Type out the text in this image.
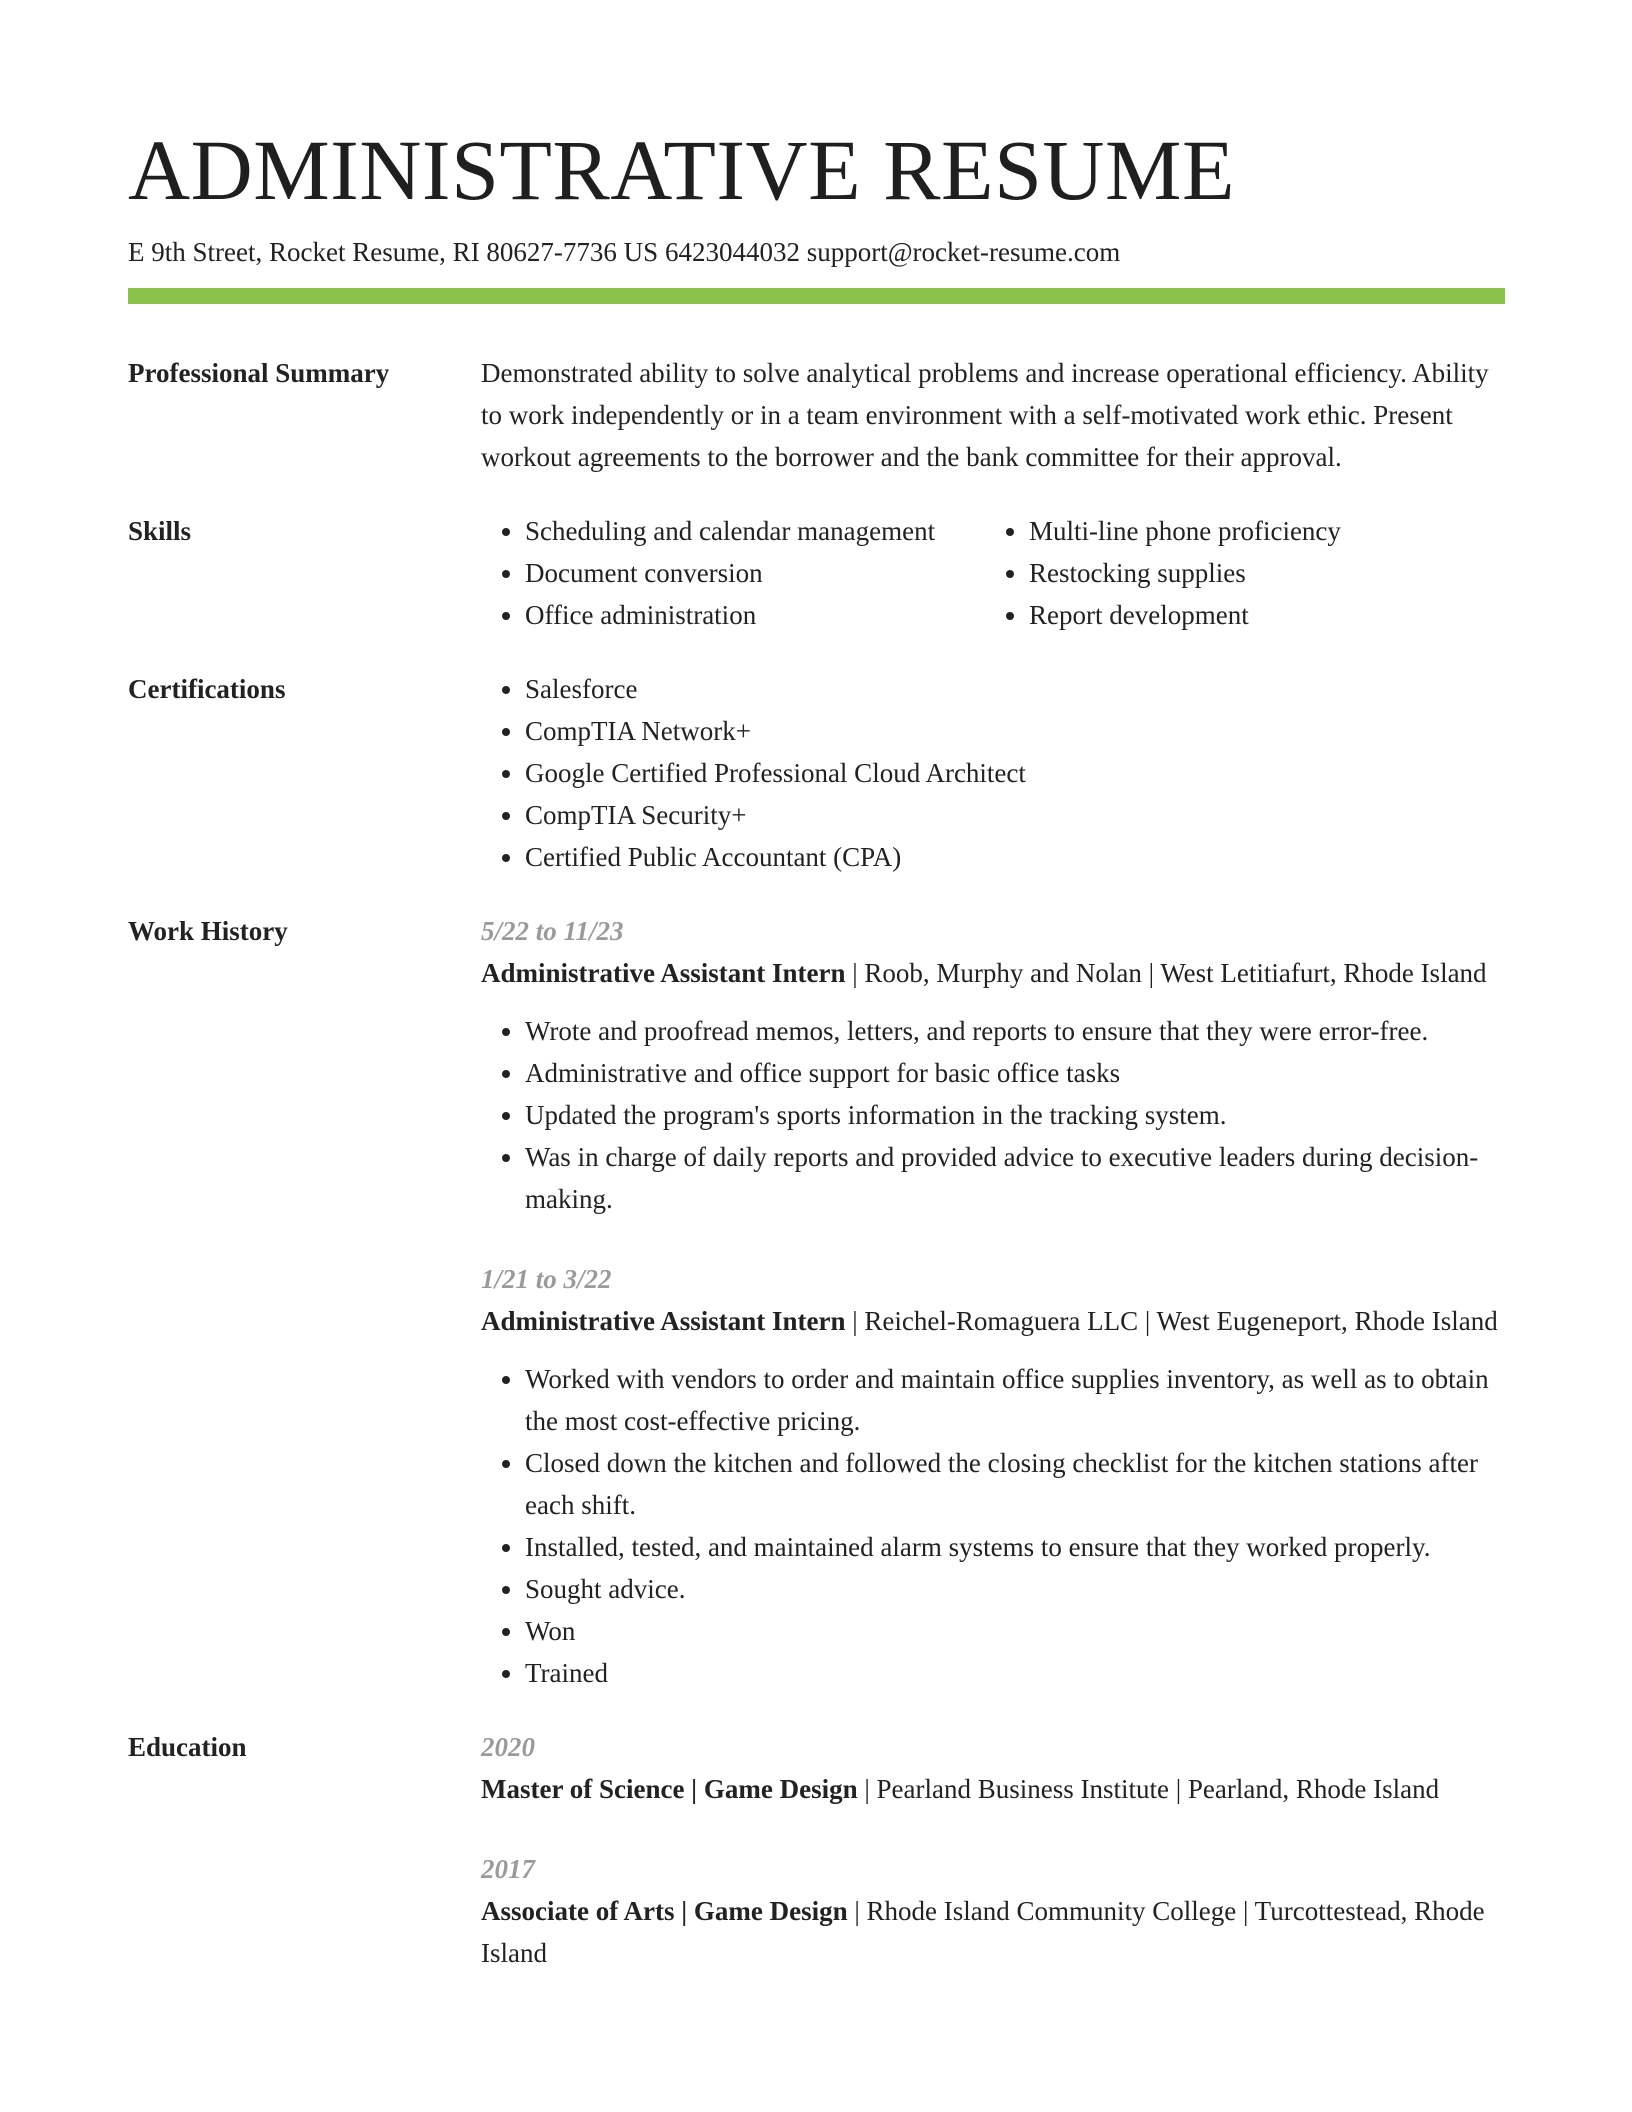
ADMINISTRATIVE RESUME
E 9th Street, Rocket Resume, RI 80627-7736 US 6423044032 support@rocket-resume.com
Professional Summary	Demonstrated ability to solve analytical problems and increase operational efficiency. Ability to work independently or in a team environment with a self-motivated work ethic. Present workout agreements to the borrower and the bank committee for their approval.
Skills	• Scheduling and calendar management
• Document conversion
• Office administration
• Multi-line phone proficiency
• Restocking supplies
• Report development
Certifications	• Salesforce
• CompTIA Network+
• Google Certified Professional Cloud Architect
• CompTIA Security+
• Certified Public Accountant (CPA)
Work History	5/22 to 11/23
Administrative Assistant Intern | Roob, Murphy and Nolan | West Letitiafurt, Rhode Island
• Wrote and proofread memos, letters, and reports to ensure that they were error-free.
• Administrative and office support for basic office tasks
• Updated the program's sports information in the tracking system.
• Was in charge of daily reports and provided advice to executive leaders during decision-making.
1/21 to 3/22
Administrative Assistant Intern | Reichel-Romaguera LLC | West Eugeneport, Rhode Island
• Worked with vendors to order and maintain office supplies inventory, as well as to obtain the most cost-effective pricing.
• Closed down the kitchen and followed the closing checklist for the kitchen stations after each shift.
• Installed, tested, and maintained alarm systems to ensure that they worked properly.
• Sought advice.
• Won
• Trained
Education	2020
Master of Science | Game Design | Pearland Business Institute | Pearland, Rhode Island
2017
Associate of Arts | Game Design | Rhode Island Community College | Turcottestead, Rhode Island
